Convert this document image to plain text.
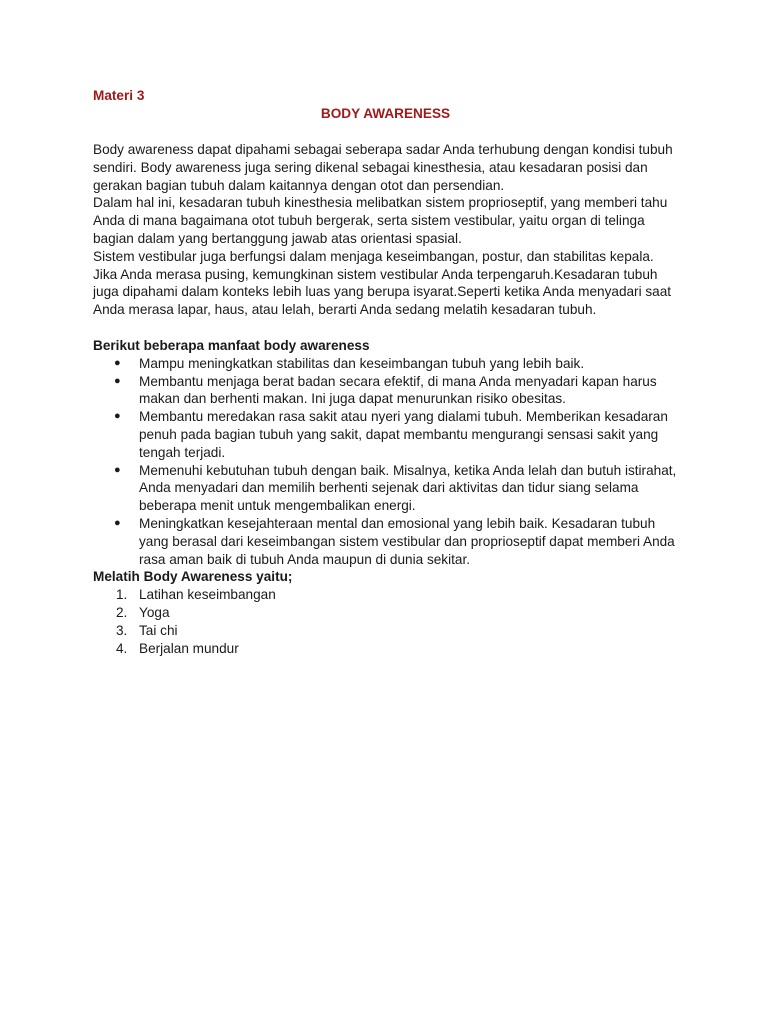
Materi 3
BODY AWARENESS

Body awareness dapat dipahami sebagai seberapa sadar Anda terhubung dengan kondisi tubuh sendiri. Body awareness juga sering dikenal sebagai kinesthesia, atau kesadaran posisi dan gerakan bagian tubuh dalam kaitannya dengan otot dan persendian.

Dalam hal ini, kesadaran tubuh kinesthesia melibatkan sistem proprioseptif, yang memberi tahu Anda di mana bagaimana otot tubuh bergerak, serta sistem vestibular, yaitu organ di telinga bagian dalam yang bertanggung jawab atas orientasi spasial.

Sistem vestibular juga berfungsi dalam menjaga keseimbangan, postur, dan stabilitas kepala. Jika Anda merasa pusing, kemungkinan sistem vestibular Anda terpengaruh.Kesadaran tubuh juga dipahami dalam konteks lebih luas yang berupa isyarat.Seperti ketika Anda menyadari saat Anda merasa lapar, haus, atau lelah, berarti Anda sedang melatih kesadaran tubuh.

Berikut beberapa manfaat body awareness
● Mampu meningkatkan stabilitas dan keseimbangan tubuh yang lebih baik.
● Membantu menjaga berat badan secara efektif, di mana Anda menyadari kapan harus makan dan berhenti makan. Ini juga dapat menurunkan risiko obesitas.
● Membantu meredakan rasa sakit atau nyeri yang dialami tubuh. Memberikan kesadaran penuh pada bagian tubuh yang sakit, dapat membantu mengurangi sensasi sakit yang tengah terjadi.
● Memenuhi kebutuhan tubuh dengan baik. Misalnya, ketika Anda lelah dan butuh istirahat, Anda menyadari dan memilih berhenti sejenak dari aktivitas dan tidur siang selama beberapa menit untuk mengembalikan energi.
● Meningkatkan kesejahteraan mental dan emosional yang lebih baik. Kesadaran tubuh yang berasal dari keseimbangan sistem vestibular dan proprioseptif dapat memberi Anda rasa aman baik di tubuh Anda maupun di dunia sekitar.
Melatih Body Awareness yaitu;
1. Latihan keseimbangan
2. Yoga
3. Tai chi
4. Berjalan mundur
